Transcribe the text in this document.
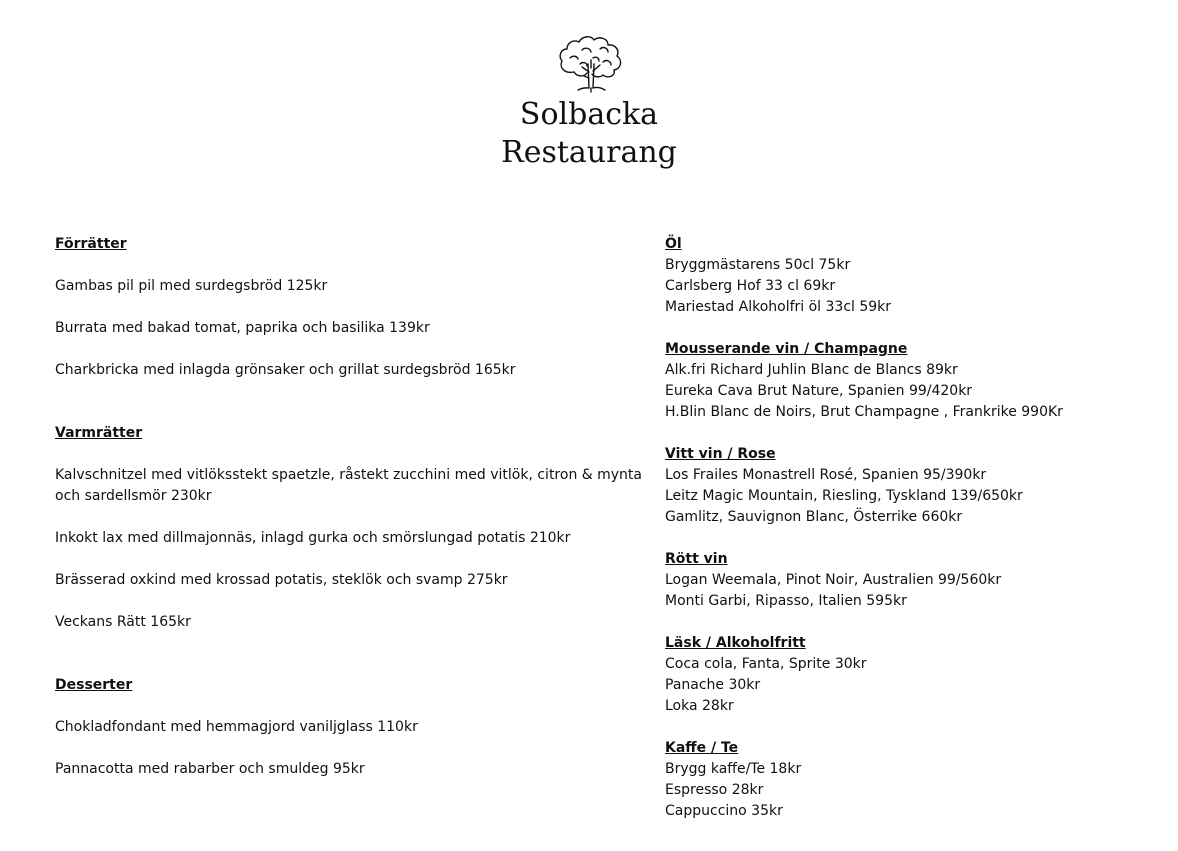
Solbacka
Restaurang
Förrätter
Gambas pil pil med surdegsbröd 125kr
Burrata med bakad tomat, paprika och basilika 139kr
Charkbricka med inlagda grönsaker och grillat surdegsbröd 165kr
Varmrätter
Kalvschnitzel med vitlöksstekt spaetzle, råstekt zucchini med vitlök, citron & mynta och sardellsmör 230kr
Inkokt lax med dillmajonnäs, inlagd gurka och smörslungad potatis 210kr
Brässerad oxkind med krossad potatis, steklök och svamp 275kr
Veckans Rätt 165kr
Desserter
Chokladfondant med hemmagjord vaniljglass 110kr
Pannacotta med rabarber och smuldeg 95kr
Öl
Bryggmästarens 50cl 75kr
Carlsberg Hof 33 cl 69kr
Mariestad Alkoholfri öl 33cl 59kr
Mousserande vin / Champagne
Alk.fri Richard Juhlin Blanc de Blancs 89kr
Eureka Cava Brut Nature, Spanien 99/420kr
H.Blin Blanc de Noirs, Brut Champagne , Frankrike 990Kr
Vitt vin / Rose
Los Frailes Monastrell Rosé, Spanien 95/390kr
Leitz Magic Mountain, Riesling, Tyskland 139/650kr
Gamlitz, Sauvignon Blanc, Österrike 660kr
Rött vin
Logan Weemala, Pinot Noir, Australien 99/560kr
Monti Garbi, Ripasso, Italien 595kr
Läsk / Alkoholfritt
Coca cola, Fanta, Sprite 30kr
Panache 30kr
Loka 28kr
Kaffe / Te
Brygg kaffe/Te 18kr
Espresso 28kr
Cappuccino 35kr
